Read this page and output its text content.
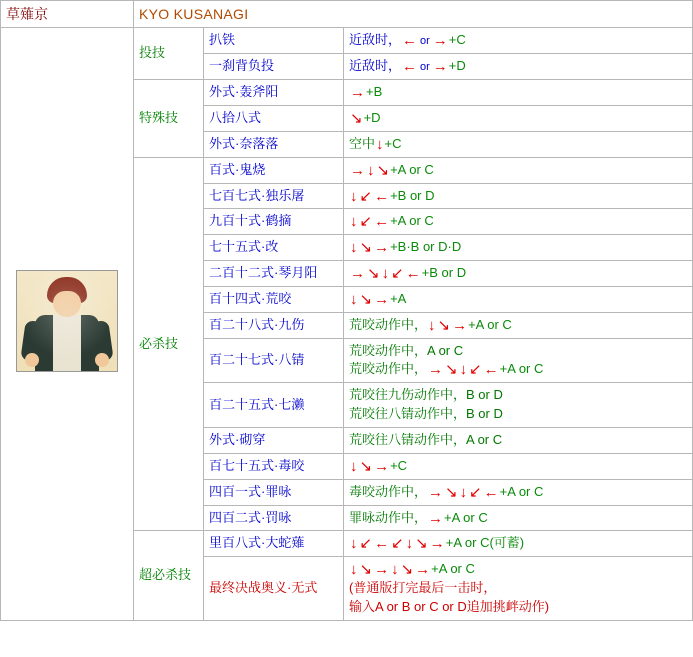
草薙京	KYO KUSANAGI		

	投技	扒铁	近敌时，← or →+C
		一刹背负投	近敌时，← or →+D
	特殊技	外式·轰斧阳	→+B
		八拾八式	↘+D
		外式·奈落落	空中↓+C
	必杀技	百式·鬼烧	→ ↓ ↘+A or C
		七百七式·独乐屠	↓ ↙ ←+B or D
		九百十式·鹤摘	↓ ↙ ←+A or C
		七十五式·改	↓ ↘ →+B·B or D·D
		二百十二式·琴月阳	→ ↘ ↓ ↙ ←+B or D
		百十四式·荒咬	↓ ↘ →+A
		百二十八式·九伤	荒咬动作中，↓ ↘ →+A or C
		百二十七式·八锖	荒咬动作中，A or C
荒咬动作中，→ ↘ ↓ ↙ ←+A or C

		百二十五式·七濑	荒咬往九伤动作中，B or D
荒咬往八锖动作中，B or D

		外式·砌穿	荒咬往八锖动作中，A or C
		百七十五式·毒咬	↓ ↘ →+C
		四百一式·罪咏	毒咬动作中，→ ↘ ↓ ↙ ←+A or C
		四百二式·罚咏	罪咏动作中，→+A or C
	超必杀技	里百八式·大蛇薙	↓ ↙ ← ↙ ↓ ↘ →+A or C(可蓄)
		最终决战奥义·无式	↓ ↘ → ↓ ↘ →+A or C
(普通版打完最后一击时，
输入A or B or C or D追加挑衅动作)
